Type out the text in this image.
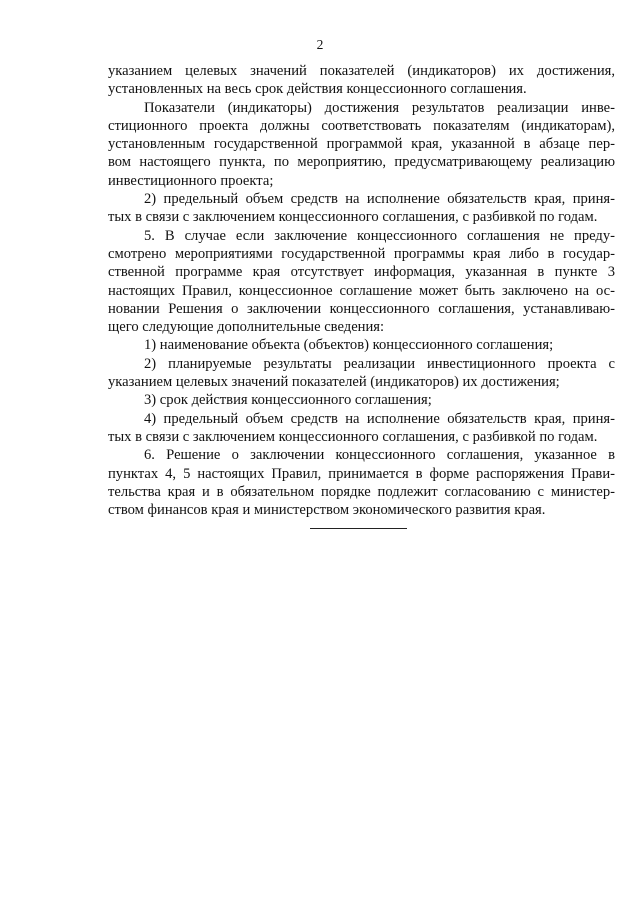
2
указанием целевых значений показателей (индикаторов) их достижения,
установленных на весь срок действия концессионного соглашения.
Показатели (индикаторы) достижения результатов реализации инве-
стиционного проекта должны соответствовать показателям (индикаторам),
установленным государственной программой края, указанной в абзаце пер-
вом настоящего пункта, по мероприятию, предусматривающему реализацию
инвестиционного проекта;
2) предельный объем средств на исполнение обязательств края, приня-
тых в связи с заключением концессионного соглашения, с разбивкой по годам.
5. В случае если заключение концессионного соглашения не преду-
смотрено мероприятиями государственной программы края либо в государ-
ственной программе края отсутствует информация, указанная в пункте 3
настоящих Правил, концессионное соглашение может быть заключено на ос-
новании Решения о заключении концессионного соглашения, устанавливаю-
щего следующие дополнительные сведения:
1) наименование объекта (объектов) концессионного соглашения;
2) планируемые результаты реализации инвестиционного проекта с
указанием целевых значений показателей (индикаторов) их достижения;
3) срок действия концессионного соглашения;
4) предельный объем средств на исполнение обязательств края, приня-
тых в связи с заключением концессионного соглашения, с разбивкой по годам.
6. Решение о заключении концессионного соглашения, указанное в
пунктах 4, 5 настоящих Правил, принимается в форме распоряжения Прави-
тельства края и в обязательном порядке подлежит согласованию с министер-
ством финансов края и министерством экономического развития края.
